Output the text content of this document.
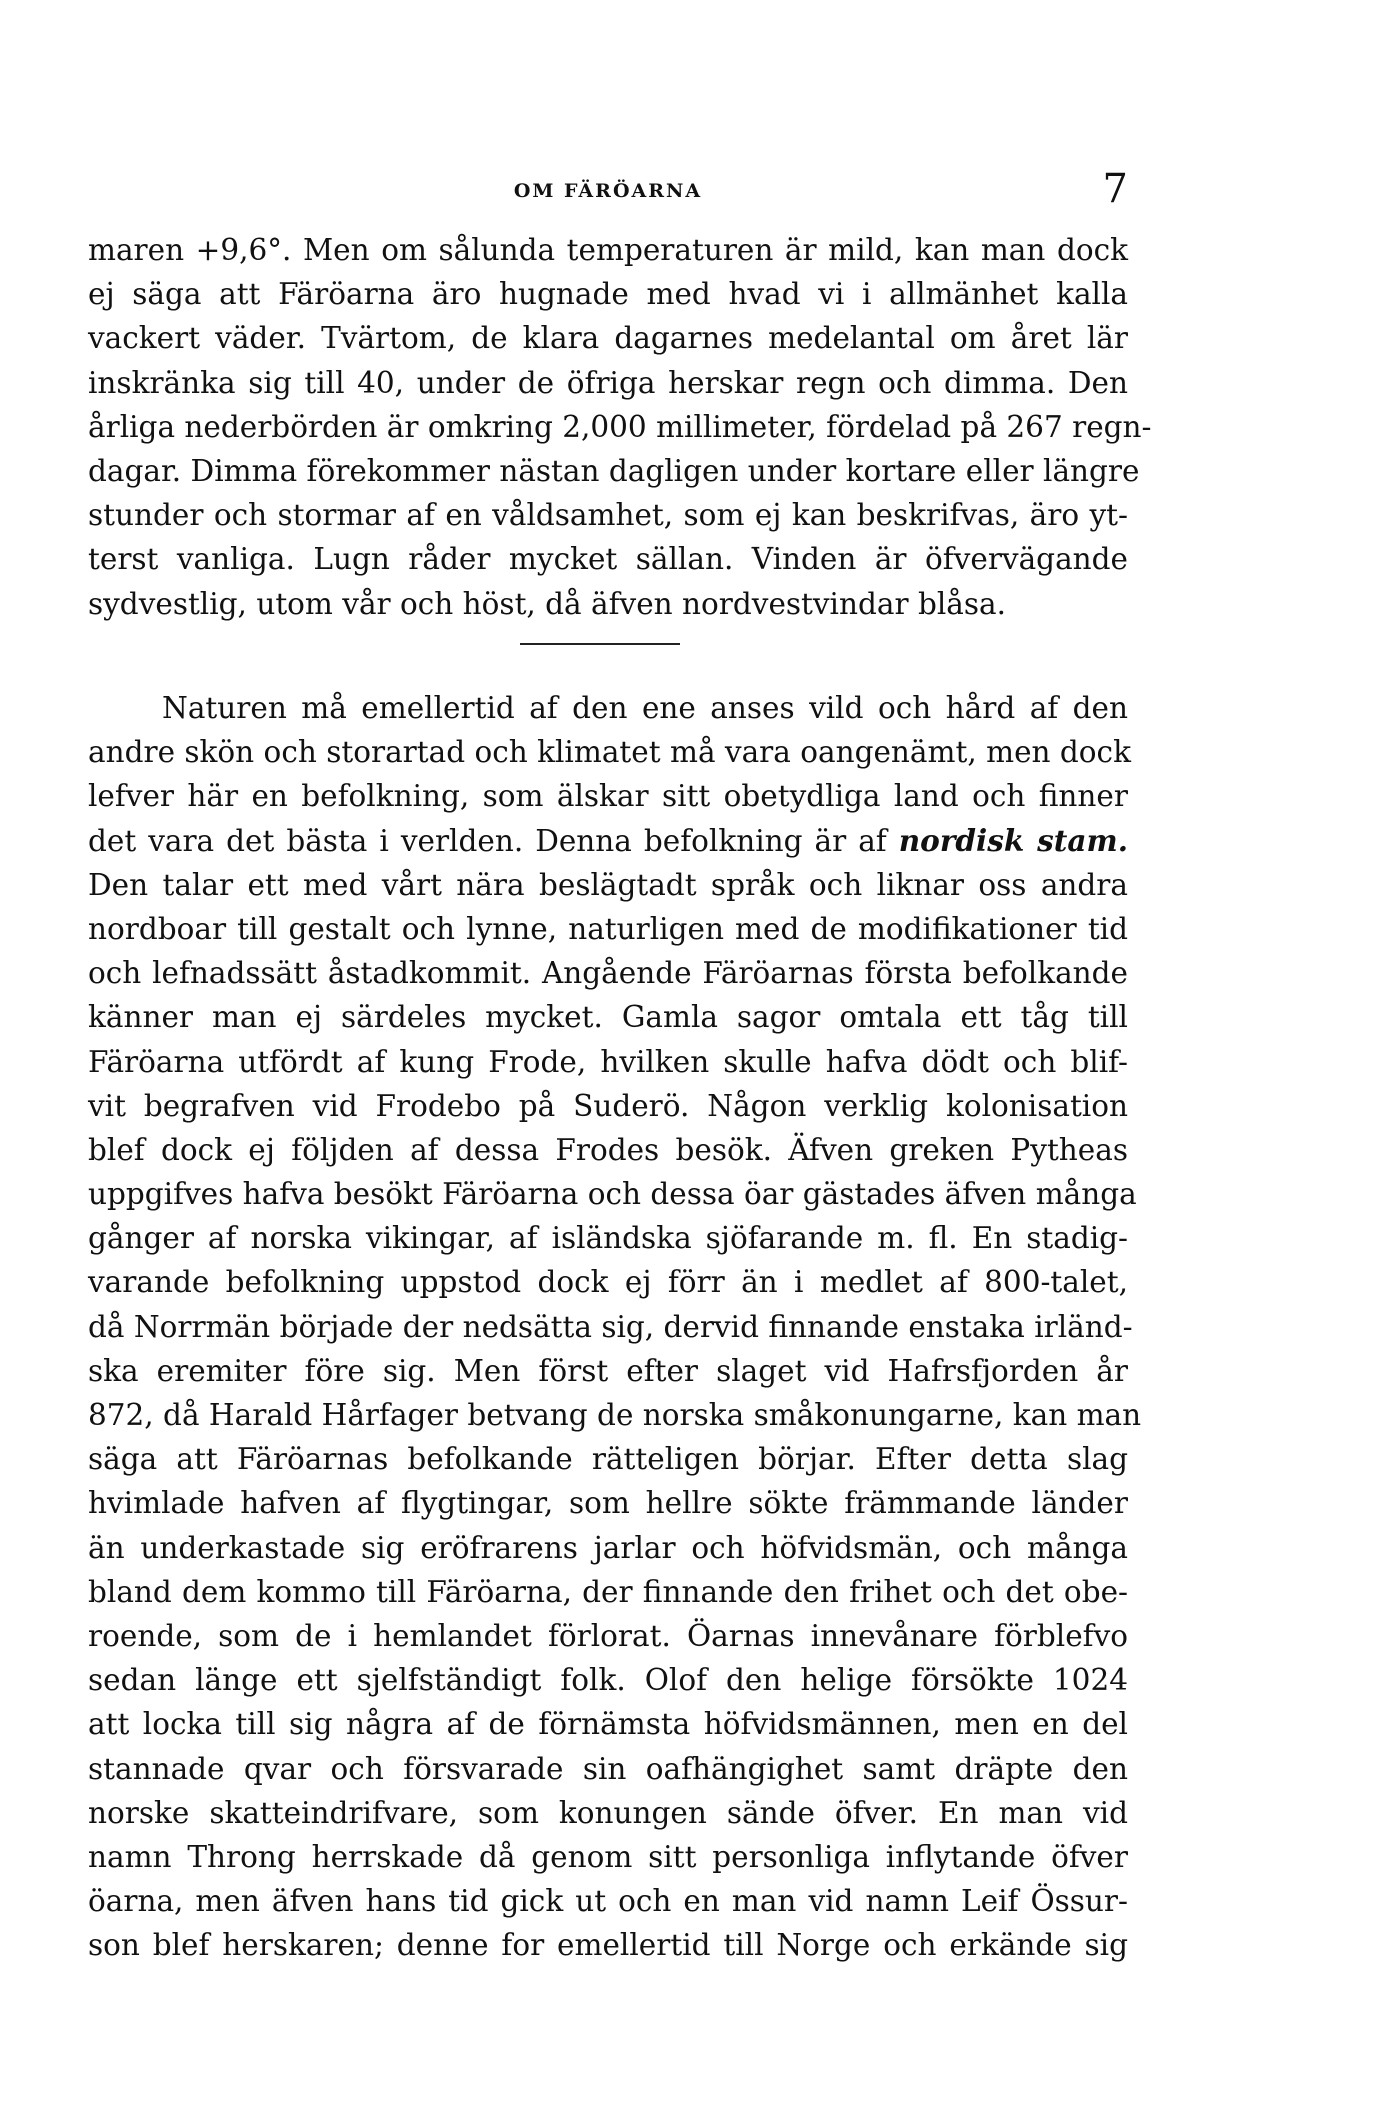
OM FÄRÖARNA	7
maren +9,6°. Men om sålunda temperaturen är mild, kan man dock
ej säga att Färöarna äro hugnade med hvad vi i allmänhet kalla
vackert väder. Tvärtom, de klara dagarnes medelantal om året lär
inskränka sig till 40, under de öfriga herskar regn och dimma. Den
årliga nederbörden är omkring 2,000 millimeter, fördelad på 267 regn-
dagar. Dimma förekommer nästan dagligen under kortare eller längre
stunder och stormar af en våldsamhet, som ej kan beskrifvas, äro yt-
terst vanliga. Lugn råder mycket sällan. Vinden är öfvervägande
sydvestlig, utom vår och höst, då äfven nordvestvindar blåsa.
Naturen må emellertid af den ene anses vild och hård af den
andre skön och storartad och klimatet må vara oangenämt, men dock
lefver här en befolkning, som älskar sitt obetydliga land och finner
det vara det bästa i verlden. Denna befolkning är af nordisk stam.
Den talar ett med vårt nära beslägtadt språk och liknar oss andra
nordboar till gestalt och lynne, naturligen med de modifikationer tid
och lefnadssätt åstadkommit. Angående Färöarnas första befolkande
känner man ej särdeles mycket. Gamla sagor omtala ett tåg till
Färöarna utfördt af kung Frode, hvilken skulle hafva dödt och blif-
vit begrafven vid Frodebo på Suderö. Någon verklig kolonisation
blef dock ej följden af dessa Frodes besök. Äfven greken Pytheas
uppgifves hafva besökt Färöarna och dessa öar gästades äfven många
gånger af norska vikingar, af isländska sjöfarande m. fl. En stadig-
varande befolkning uppstod dock ej förr än i medlet af 800-talet,
då Norrmän började der nedsätta sig, dervid finnande enstaka irländ-
ska eremiter före sig. Men först efter slaget vid Hafrsfjorden år
872, då Harald Hårfager betvang de norska småkonungarne, kan man
säga att Färöarnas befolkande rätteligen börjar. Efter detta slag
hvimlade hafven af flygtingar, som hellre sökte främmande länder
än underkastade sig eröfrarens jarlar och höfvidsmän, och många
bland dem kommo till Färöarna, der finnande den frihet och det obe-
roende, som de i hemlandet förlorat. Öarnas innevånare förblefvo
sedan länge ett sjelfständigt folk. Olof den helige försökte 1024
att locka till sig några af de förnämsta höfvidsmännen, men en del
stannade qvar och försvarade sin oafhängighet samt dräpte den
norske skatteindrifvare, som konungen sände öfver. En man vid
namn Throng herrskade då genom sitt personliga inflytande öfver
öarna, men äfven hans tid gick ut och en man vid namn Leif Össur-
son blef herskaren; denne for emellertid till Norge och erkände sig
